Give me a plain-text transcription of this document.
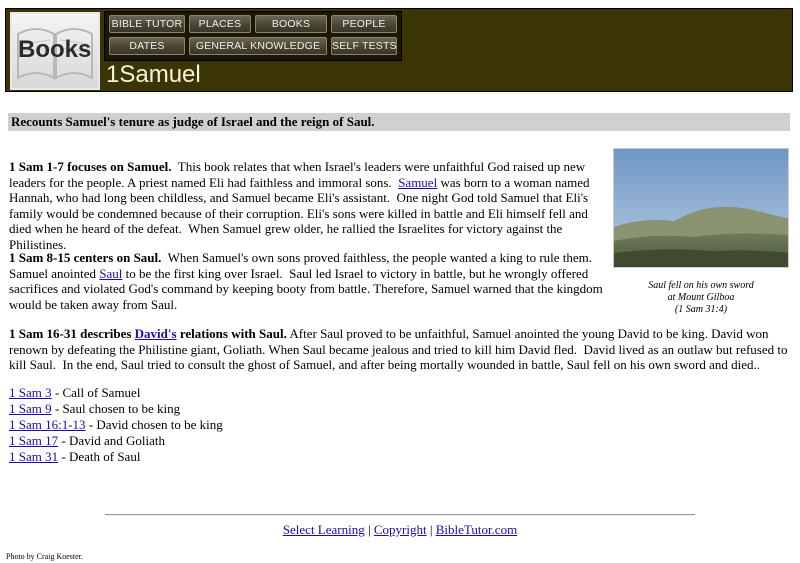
Books
BIBLE TUTOR	PLACES	BOOKS	PEOPLE
DATES	GENERAL KNOWLEDGE	SELF TESTS
1Samuel
Recounts Samuel's tenure as judge of Israel and the reign of Saul.
Saul fell on his own sword
at Mount Gilboa
(1 Sam 31:4)

1 Sam 1-7 focuses on Samuel.  This book relates that when Israel's leaders were unfaithful God raised up new leaders for the people. A priest named Eli had faithless and immoral sons.  Samuel was born to a woman named Hannah, who had long been childless, and Samuel became Eli's assistant.  One night God told Samuel that Eli's family would be condemned because of their corruption. Eli's sons were killed in battle and Eli himself fell and died when he heard of the defeat.  When Samuel grew older, he rallied the Israelites for victory against the Philistines.

1 Sam 8-15 centers on Saul.  When Samuel's own sons proved faithless, the people wanted a king to rule them. Samuel anointed Saul to be the first king over Israel.  Saul led Israel to victory in battle, but he wrongly offered sacrifices and violated God's command by keeping booty from battle. Therefore, Samuel warned that the kingdom would be taken away from Saul.

1 Sam 16-31 describes David's relations with Saul. After Saul proved to be unfaithful, Samuel anointed the young David to be king. David won renown by defeating the Philistine giant, Goliath. When Saul became jealous and tried to kill him David fled.  David lived as an outlaw but refused to kill Saul.  In the end, Saul tried to consult the ghost of Samuel, and after being mortally wounded in battle, Saul fell on his own sword and died..

1 Sam 3 - Call of Samuel
1 Sam 9 - Saul chosen to be king
1 Sam 16:1-13 - David chosen to be king
1 Sam 17 - David and Goliath
1 Sam 31 - Death of Saul
Select Learning | Copyright | BibleTutor.com
Photo by Craig Koester.
